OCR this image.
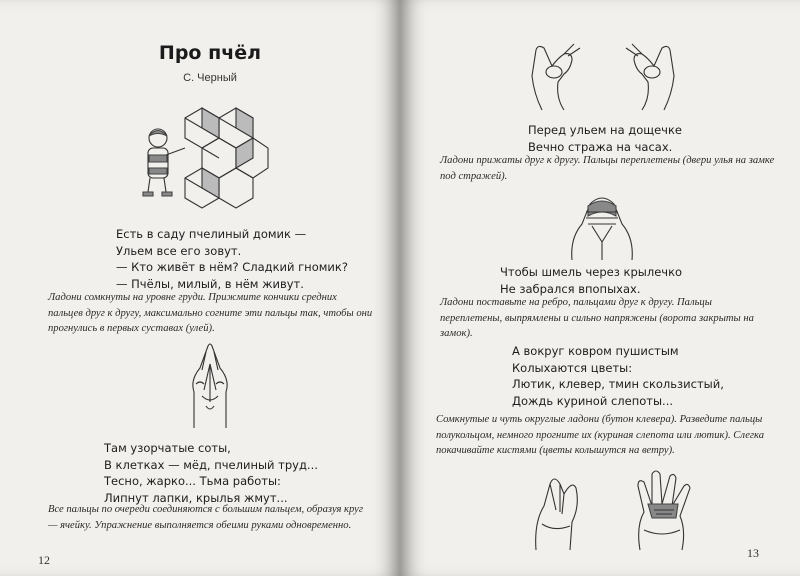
Про пчёл
С. Черный
Есть в саду пчелиный домик —
Ульем все его зовут.
— Кто живёт в нём? Сладкий гномик?
— Пчёлы, милый, в нём живут.
Ладони сомкнуты на уровне груди. Прижмите кончики средних пальцев друг к другу, максимально согните эти пальцы так, чтобы они прогнулись в первых суставах (улей).
Там узорчатые соты,
В клетках — мёд, пчелиный труд...
Тесно, жарко... Тьма работы:
Липнут лапки, крылья жмут...
Все пальцы по очереди соединяются с большим пальцем, образуя круг — ячейку. Упражнение выполняется обеими руками одновременно.
12
Перед ульем на дощечке
Вечно стража на часах.
Ладони прижаты друг к другу. Пальцы переплетены (двери улья на замке под стражей).
Чтобы шмель через крылечко
Не забрался впопыхах.
Ладони поставьте на ребро, пальцами друг к другу. Пальцы переплетены, выпрямлены и сильно напряжены (ворота закрыты на замок).
А вокруг ковром пушистым
Колыхаются цветы:
Лютик, клевер, тмин скользистый,
Дождь куриной слепоты...
Сомкнутые и чуть округлые ладони (бутон клевера). Разведите пальцы полукольцом, немного прогните их (куриная слепота или лютик). Слегка покачивайте кистями (цветы колышутся на ветру).
13
